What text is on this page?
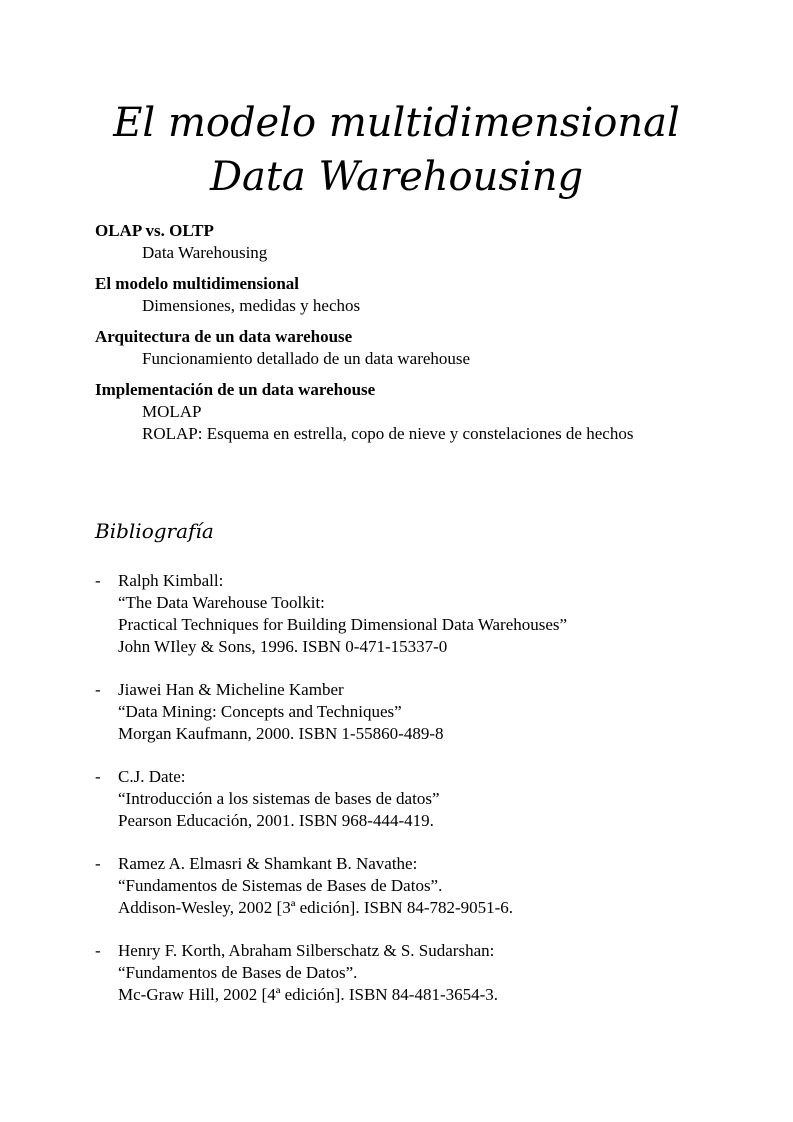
El modelo multidimensional

Data Warehousing

OLAP vs. OLTP

Data Warehousing

El modelo multidimensional

Dimensiones, medidas y hechos

Arquitectura de un data warehouse

Funcionamiento detallado de un data warehouse

Implementación de un data warehouse

MOLAP

ROLAP: Esquema en estrella, copo de nieve y constelaciones de hechos

Bibliografía

- Ralph Kimball:

“The Data Warehouse Toolkit:

Practical Techniques for Building Dimensional Data Warehouses”

John WIley & Sons, 1996. ISBN 0-471-15337-0

- Jiawei Han & Micheline Kamber

“Data Mining: Concepts and Techniques”

Morgan Kaufmann, 2000. ISBN 1-55860-489-8

- C.J. Date:

“Introducción a los sistemas de bases de datos”

Pearson Educación, 2001. ISBN 968-444-419.

- Ramez A. Elmasri & Shamkant B. Navathe:

“Fundamentos de Sistemas de Bases de Datos”.

Addison-Wesley, 2002 [3ª edición]. ISBN 84-782-9051-6.

- Henry F. Korth, Abraham Silberschatz & S. Sudarshan:

“Fundamentos de Bases de Datos”.

Mc-Graw Hill, 2002 [4ª edición]. ISBN 84-481-3654-3.
